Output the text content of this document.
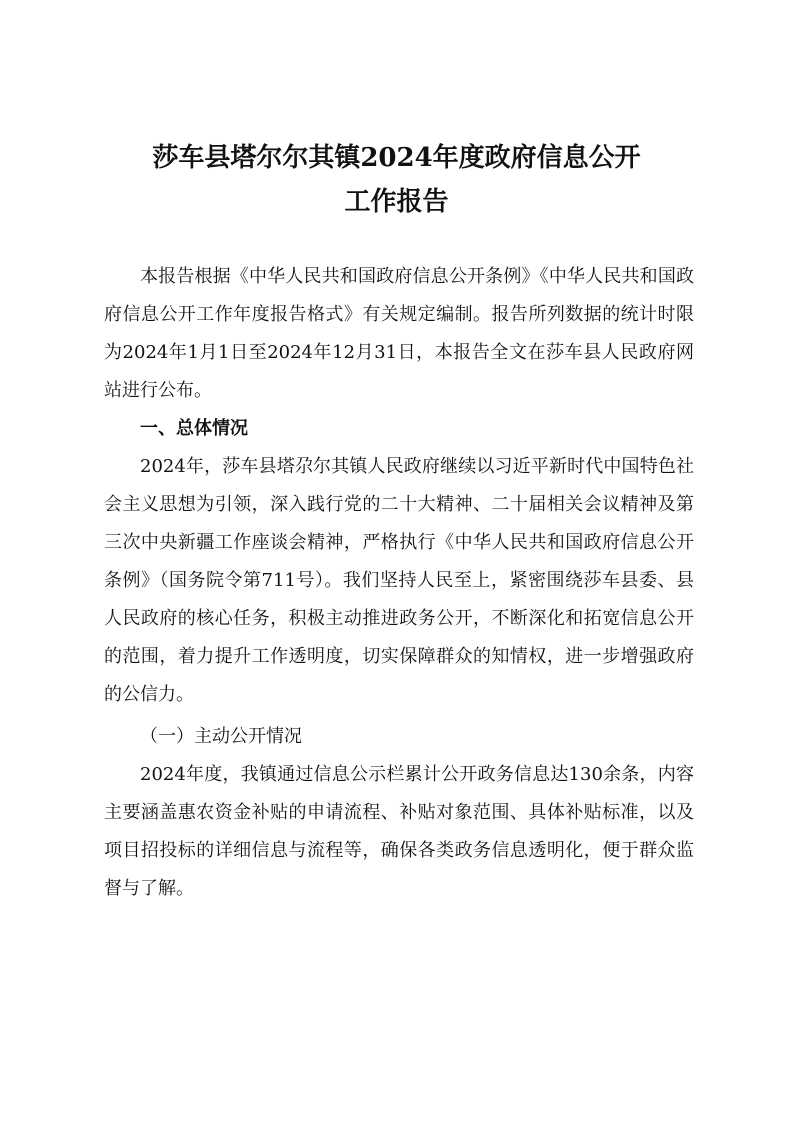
莎车县塔尔尔其镇2024年度政府信息公开
工作报告

本报告根据《中华人民共和国政府信息公开条例》《中华人民共和国政府信息公开工作年度报告格式》有关规定编制。报告所列数据的统计时限为2024年1月1日至2024年12月31日，本报告全文在莎车县人民政府网站进行公布。

一、总体情况

2024年，莎车县塔尕尔其镇人民政府继续以习近平新时代中国特色社会主义思想为引领，深入践行党的二十大精神、二十届相关会议精神及第三次中央新疆工作座谈会精神，严格执行《中华人民共和国政府信息公开条例》（国务院令第711号）。我们坚持人民至上，紧密围绕莎车县委、县人民政府的核心任务，积极主动推进政务公开，不断深化和拓宽信息公开的范围，着力提升工作透明度，切实保障群众的知情权，进一步增强政府的公信力。

（一）主动公开情况

2024年度，我镇通过信息公示栏累计公开政务信息达130余条，内容主要涵盖惠农资金补贴的申请流程、补贴对象范围、具体补贴标准，以及项目招投标的详细信息与流程等，确保各类政务信息透明化，便于群众监督与了解。
